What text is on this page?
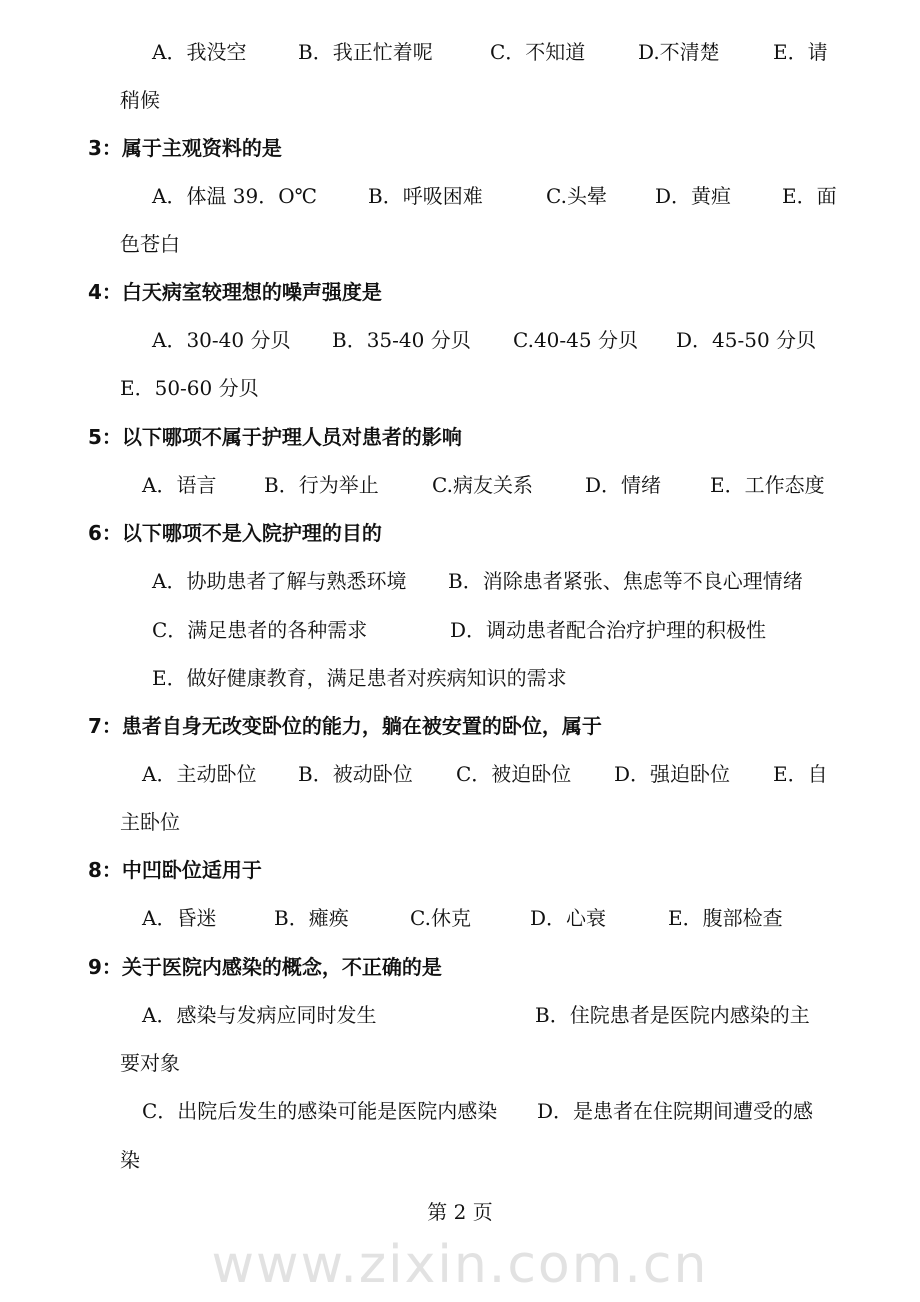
A．我没空	B．我正忙着呢	C．不知道	D.不清楚	E．请
稍候
3：属于主观资料的是
A．体温 39．O℃	B．呼吸困难	C.头晕	D．黄疸	E．面
色苍白
4：白天病室较理想的噪声强度是
A．30-40 分贝	B．35-40 分贝	C.40-45 分贝	D．45-50 分贝
E．50-60 分贝
5：以下哪项不属于护理人员对患者的影响
A．语言	B．行为举止	C.病友关系	D．情绪	E．工作态度
6：以下哪项不是入院护理的目的
A．协助患者了解与熟悉环境	B．消除患者紧张、焦虑等不良心理情绪
C．满足患者的各种需求	D．调动患者配合治疗护理的积极性
E．做好健康教育，满足患者对疾病知识的需求
7：患者自身无改变卧位的能力，躺在被安置的卧位，属于
A．主动卧位	B．被动卧位	C．被迫卧位	D．强迫卧位	E．自
主卧位
8：中凹卧位适用于
A．昏迷	B．瘫痪	C.休克	D．心衰	E．腹部检查
9：关于医院内感染的概念，不正确的是
A．感染与发病应同时发生	B．住院患者是医院内感染的主
要对象
C．出院后发生的感染可能是医院内感染	D．是患者在住院期间遭受的感
染
第 2 页
www.zixin.com.cn
